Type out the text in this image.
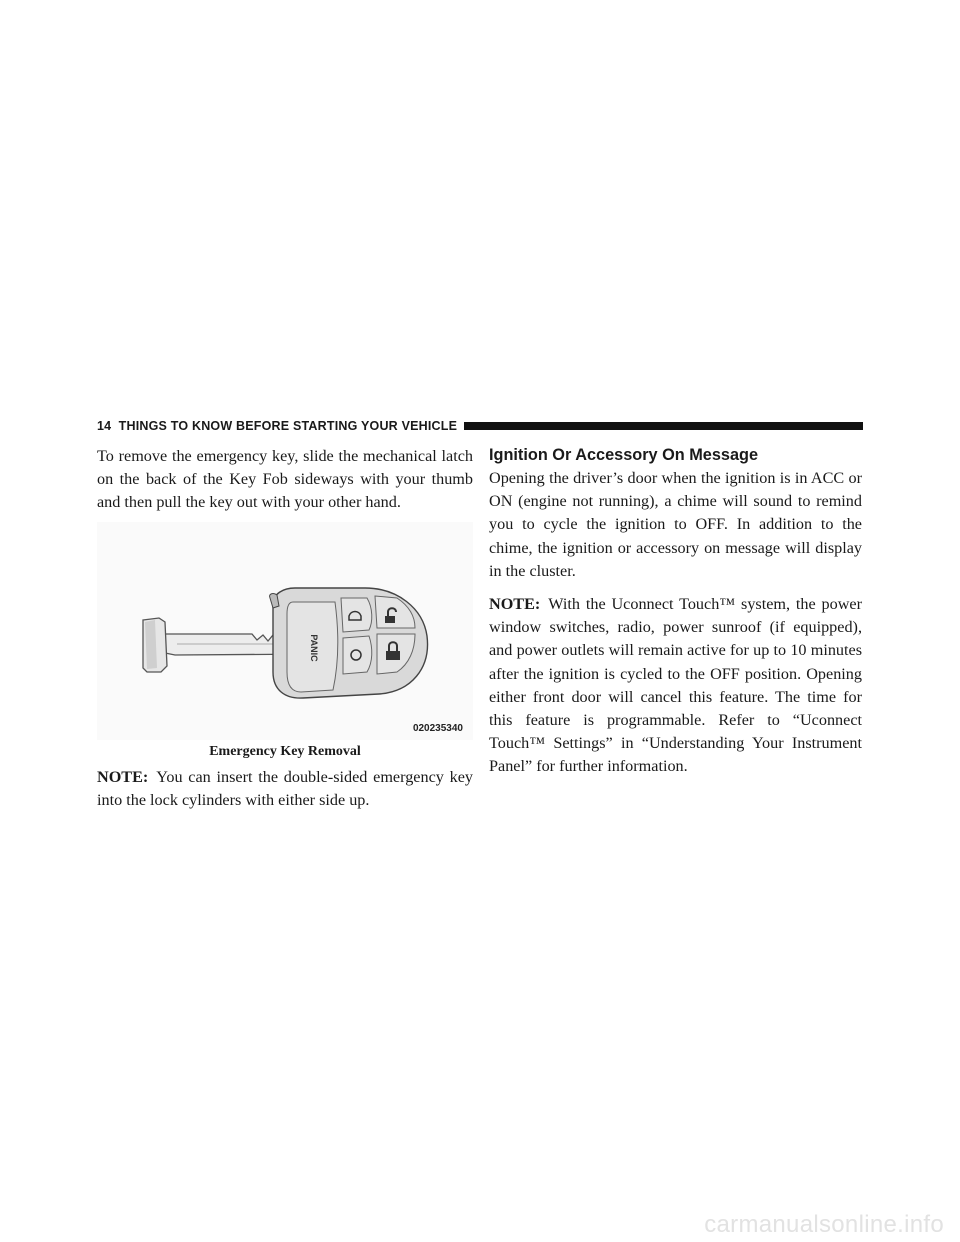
14 THINGS TO KNOW BEFORE STARTING YOUR VEHICLE

To remove the emergency key, slide the mechanical latch on the back of the Key Fob sideways with your thumb and then pull the key out with your other hand.

PANIC
020235340
Emergency Key Removal

NOTE: You can insert the double-sided emergency key into the lock cylinders with either side up.

Ignition Or Accessory On Message

Opening the driver’s door when the ignition is in ACC or ON (engine not running), a chime will sound to remind you to cycle the ignition to OFF. In addition to the chime, the ignition or accessory on message will display in the cluster.

NOTE: With the Uconnect Touch™ system, the power window switches, radio, power sunroof (if equipped), and power outlets will remain active for up to 10 minutes after the ignition is cycled to the OFF position. Opening either front door will cancel this feature. The time for this feature is programmable. Refer to “Uconnect Touch™ Settings” in “Understanding Your Instrument Panel” for further information.

carmanualsonline.info
